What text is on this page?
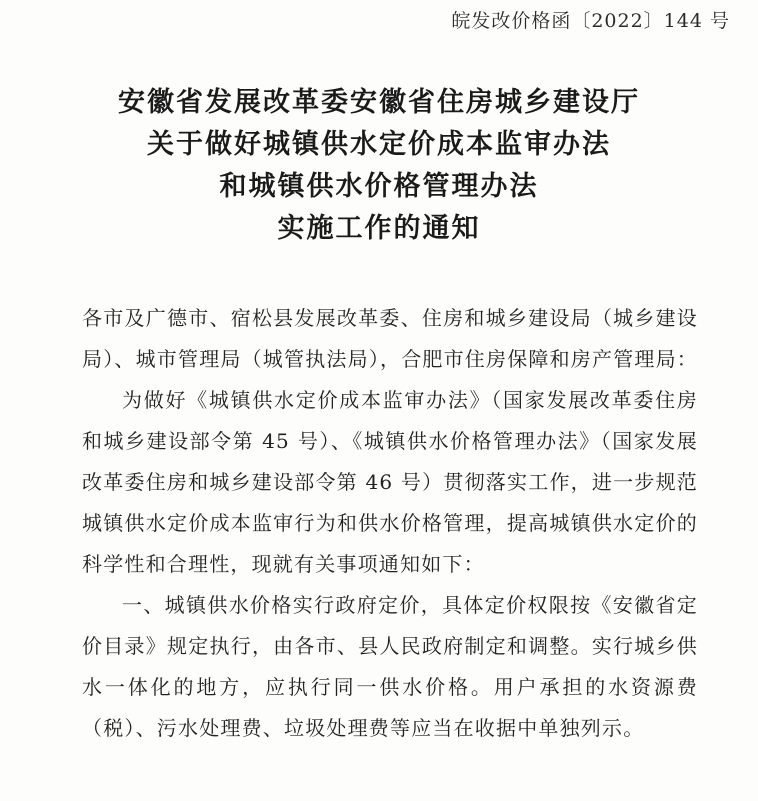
皖发改价格函〔2022〕144 号
安徽省发展改革委安徽省住房城乡建设厅
关于做好城镇供水定价成本监审办法
和城镇供水价格管理办法
实施工作的通知

各市及广德市、宿松县发展改革委、住房和城乡建设局（城乡建设局）、城市管理局（城管执法局），合肥市住房保障和房产管理局：

为做好《城镇供水定价成本监审办法》（国家发展改革委住房和城乡建设部令第 45 号）、《城镇供水价格管理办法》（国家发展改革委住房和城乡建设部令第 46 号）贯彻落实工作，进一步规范城镇供水定价成本监审行为和供水价格管理，提高城镇供水定价的科学性和合理性，现就有关事项通知如下：

一、城镇供水价格实行政府定价，具体定价权限按《安徽省定价目录》规定执行，由各市、县人民政府制定和调整。实行城乡供水一体化的地方，应执行同一供水价格。用户承担的水资源费（税）、污水处理费、垃圾处理费等应当在收据中单独列示。
